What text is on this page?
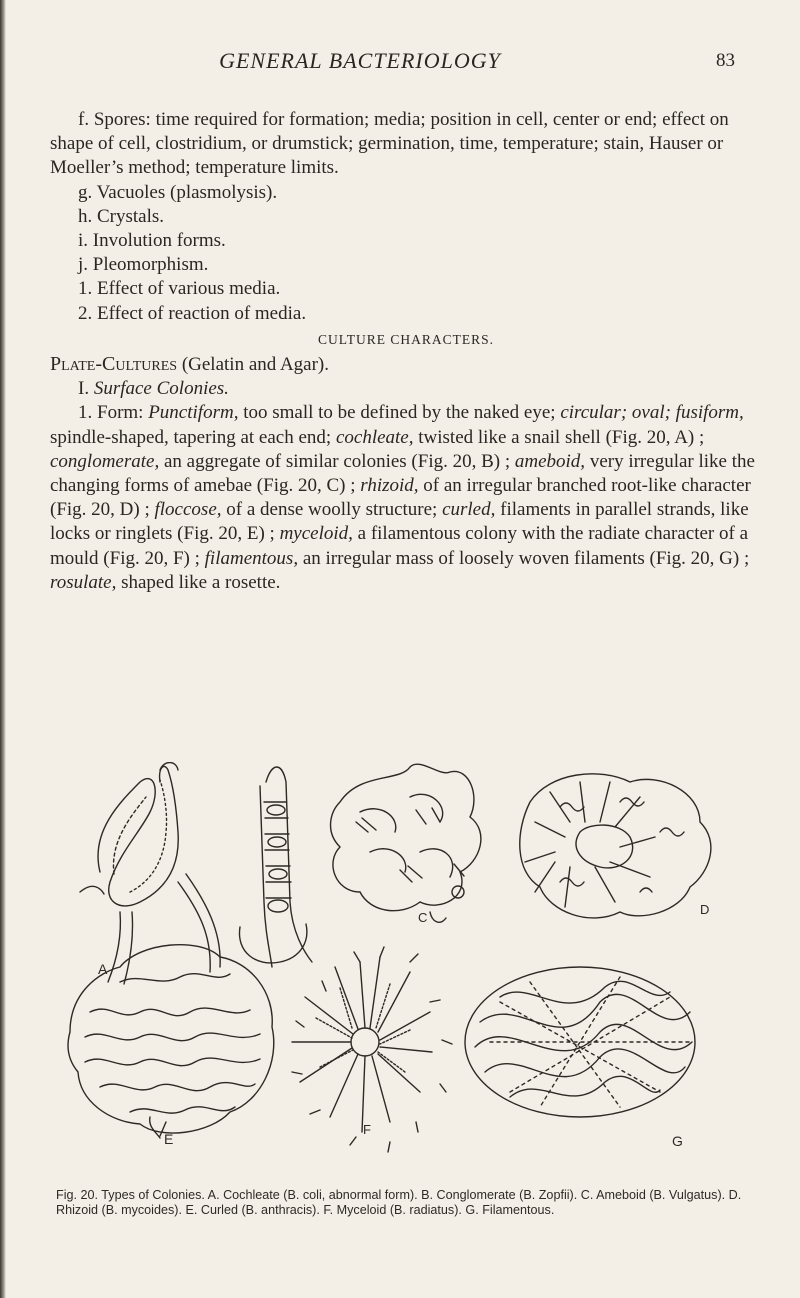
GENERAL BACTERIOLOGY	83

f. Spores: time required for formation; media; position in cell, center or end; effect on shape of cell, clostridium, or drumstick; germination, time, temperature; stain, Hauser or Moeller’s method; temperature limits.

g. Vacuoles (plasmolysis).

h. Crystals.

i. Involution forms.

j. Pleomorphism.

1. Effect of various media.

2. Effect of reaction of media.

CULTURE CHARACTERS.

Plate-Cultures (Gelatin and Agar).

I. Surface Colonies.

1. Form: Punctiform, too small to be defined by the naked eye; circular; oval; fusiform, spindle-shaped, tapering at each end; cochleate, twisted like a snail shell (Fig. 20, A) ; conglomerate, an aggregate of similar colonies (Fig. 20, B) ; ameboid, very irregular like the changing forms of amebae (Fig. 20, C) ; rhizoid, of an irregular branched root-like character (Fig. 20, D) ; floccose, of a dense woolly structure; curled, filaments in parallel strands, like locks or ringlets (Fig. 20, E) ; myceloid, a filamentous colony with the radiate character of a mould (Fig. 20, F) ; filamentous, an irregular mass of loosely woven filaments (Fig. 20, G) ; rosulate, shaped like a rosette.

A
C
D
E
F
G
Fig. 20. Types of Colonies. A. Cochleate (B. coli, abnormal form). B. Conglomerate (B. Zopfii). C. Ameboid (B. Vulgatus). D. Rhizoid (B. mycoides). E. Curled (B. anthracis). F. Myceloid (B. radiatus). G. Filamentous.
